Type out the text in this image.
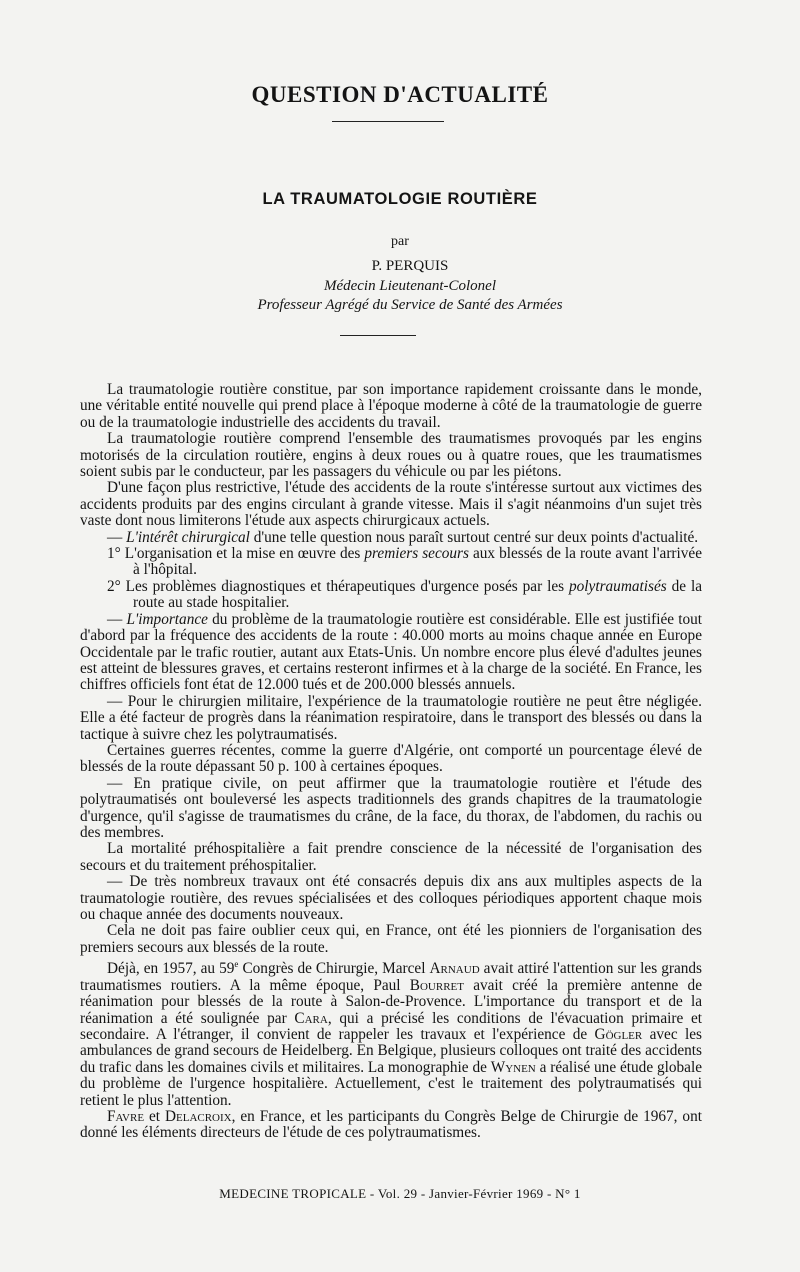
QUESTION D'ACTUALITÉ
LA TRAUMATOLOGIE ROUTIÈRE
par
P. PERQUIS
Médecin Lieutenant-Colonel
Professeur Agrégé du Service de Santé des Armées

La traumatologie routière constitue, par son importance rapidement croissante dans le monde, une véritable entité nouvelle qui prend place à l'époque moderne à côté de la traumatologie de guerre ou de la traumatologie industrielle des accidents du travail.

La traumatologie routière comprend l'ensemble des traumatismes provoqués par les engins motorisés de la circulation routière, engins à deux roues ou à quatre roues, que les traumatismes soient subis par le conducteur, par les passagers du véhicule ou par les piétons.

D'une façon plus restrictive, l'étude des accidents de la route s'intéresse surtout aux victimes des accidents produits par des engins circulant à grande vitesse. Mais il s'agit néanmoins d'un sujet très vaste dont nous limiterons l'étude aux aspects chirurgicaux actuels.

— L'intérêt chirurgical d'une telle question nous paraît surtout centré sur deux points d'actualité.

1° L'organisation et la mise en œuvre des premiers secours aux blessés de la route avant l'arrivée à l'hôpital.

2° Les problèmes diagnostiques et thérapeutiques d'urgence posés par les polytraumatisés de la route au stade hospitalier.

— L'importance du problème de la traumatologie routière est considérable. Elle est justifiée tout d'abord par la fréquence des accidents de la route : 40.000 morts au moins chaque année en Europe Occidentale par le trafic routier, autant aux Etats-Unis. Un nombre encore plus élevé d'adultes jeunes est atteint de blessures graves, et certains resteront infirmes et à la charge de la société. En France, les chiffres officiels font état de 12.000 tués et de 200.000 blessés annuels.

— Pour le chirurgien militaire, l'expérience de la traumatologie routière ne peut être négligée. Elle a été facteur de progrès dans la réanimation respiratoire, dans le transport des blessés ou dans la tactique à suivre chez les polytraumatisés.

Certaines guerres récentes, comme la guerre d'Algérie, ont comporté un pourcentage élevé de blessés de la route dépassant 50 p. 100 à certaines époques.

— En pratique civile, on peut affirmer que la traumatologie routière et l'étude des polytraumatisés ont bouleversé les aspects traditionnels des grands chapitres de la traumatologie d'urgence, qu'il s'agisse de traumatismes du crâne, de la face, du thorax, de l'abdomen, du rachis ou des membres.

La mortalité préhospitalière a fait prendre conscience de la nécessité de l'organisation des secours et du traitement préhospitalier.

— De très nombreux travaux ont été consacrés depuis dix ans aux multiples aspects de la traumatologie routière, des revues spécialisées et des colloques périodiques apportent chaque mois ou chaque année des documents nouveaux.

Cela ne doit pas faire oublier ceux qui, en France, ont été les pionniers de l'organisation des premiers secours aux blessés de la route.

Déjà, en 1957, au 59e Congrès de Chirurgie, Marcel Arnaud avait attiré l'attention sur les grands traumatismes routiers. A la même époque, Paul Bourret avait créé la première antenne de réanimation pour blessés de la route à Salon-de-Provence. L'importance du transport et de la réanimation a été soulignée par Cara, qui a précisé les conditions de l'évacuation primaire et secondaire. A l'étranger, il convient de rappeler les travaux et l'expérience de Gögler avec les ambulances de grand secours de Heidelberg. En Belgique, plusieurs colloques ont traité des accidents du trafic dans les domaines civils et militaires. La monographie de Wynen a réalisé une étude globale du problème de l'urgence hospitalière. Actuellement, c'est le traitement des polytraumatisés qui retient le plus l'attention.

Favre et Delacroix, en France, et les participants du Congrès Belge de Chirurgie de 1967, ont donné les éléments directeurs de l'étude de ces polytraumatismes.

MEDECINE TROPICALE - Vol. 29 - Janvier-Février 1969 - N° 1
